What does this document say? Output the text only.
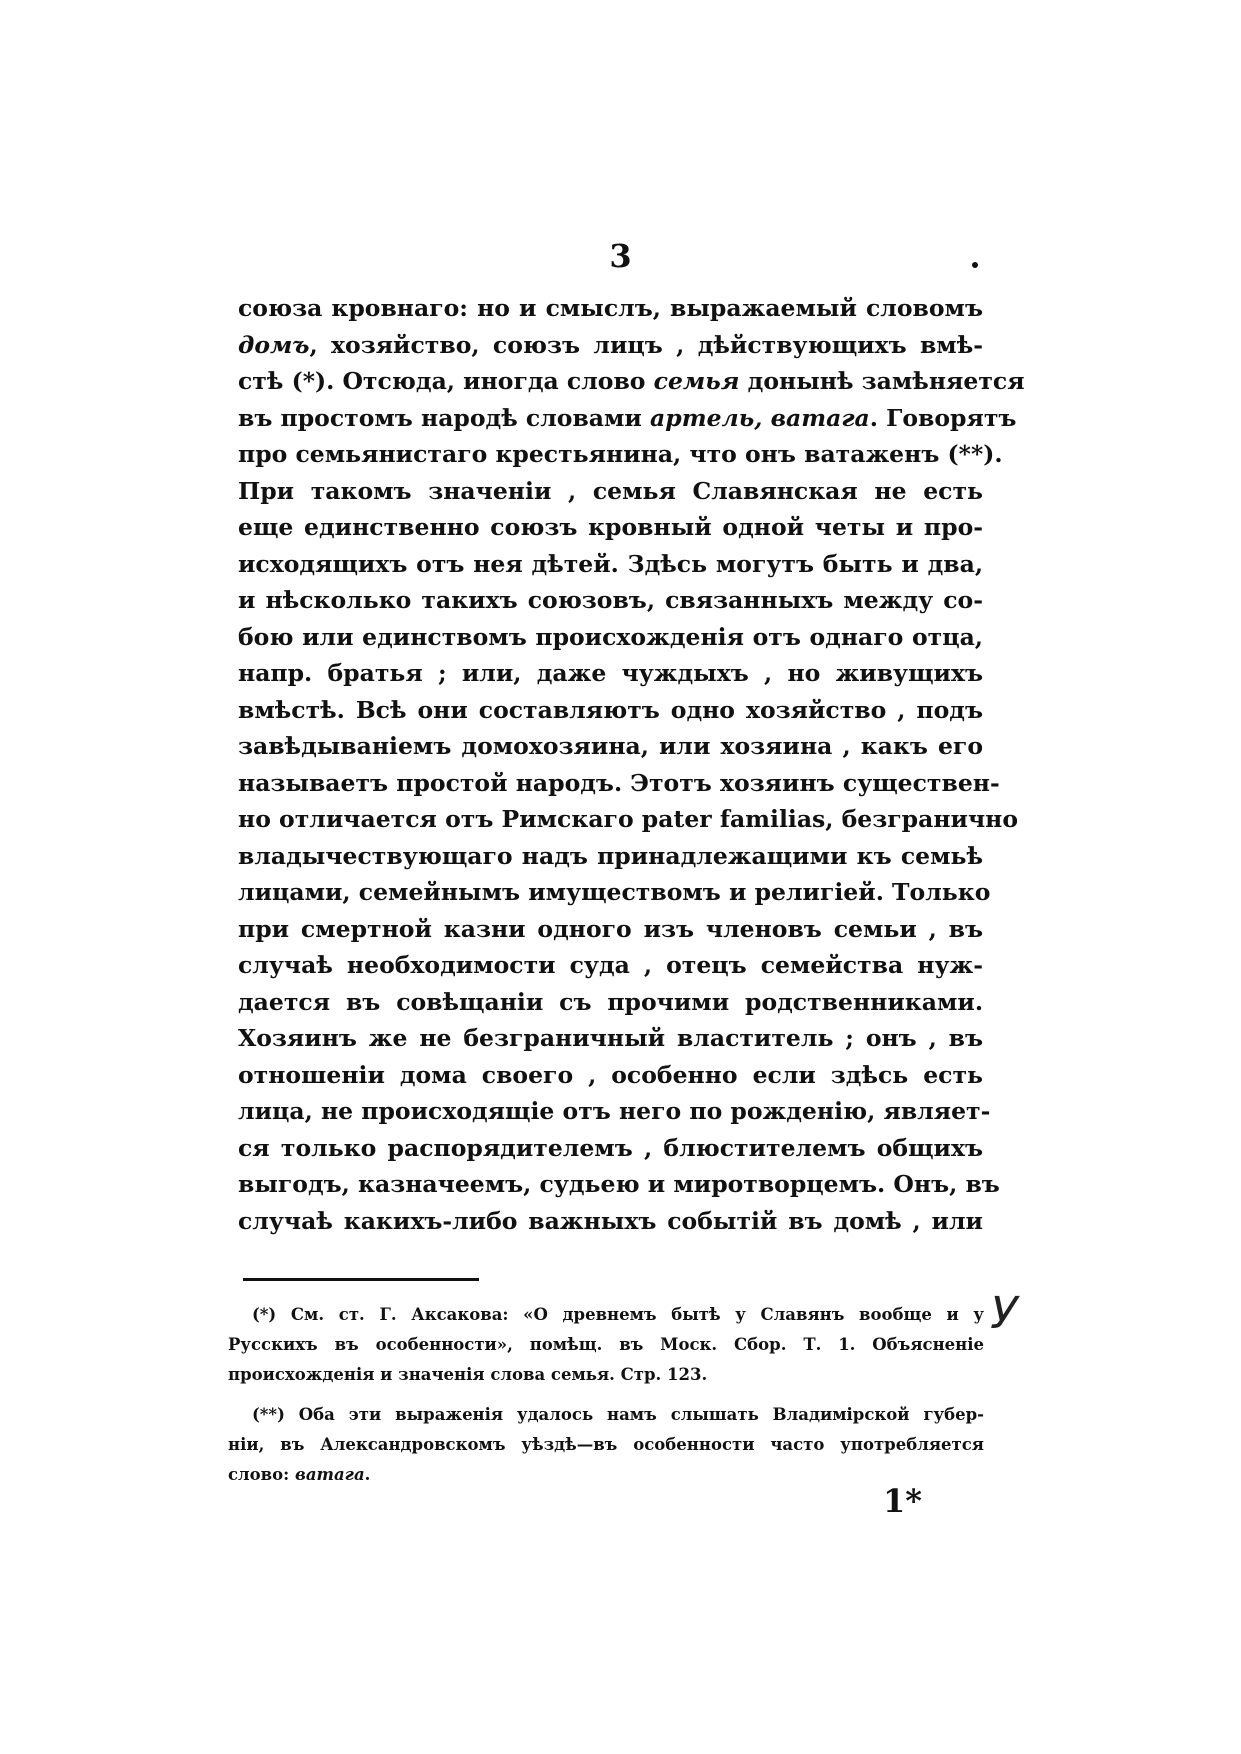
3
союза кровнаго: но и смыслъ, выражаемый словомъ
домъ, хозяйство, союзъ лицъ , дѣйствующихъ вмѣ-
стѣ (*). Отсюда, иногда слово семья донынѣ замѣняется
въ простомъ народѣ словами артель, ватага. Говорятъ
про семьянистаго крестьянина, что онъ ватаженъ (**).
При такомъ значеніи , семья Славянская не есть
еще единственно союзъ кровный одной четы и про-
исходящихъ отъ нея дѣтей. Здѣсь могутъ быть и два,
и нѣсколько такихъ союзовъ, связанныхъ между со-
бою или единствомъ происхожденія отъ однаго отца,
напр. братья ; или, даже чуждыхъ , но живущихъ
вмѣстѣ. Всѣ они составляютъ одно хозяйство , подъ
завѣдываніемъ домохозяина, или хозяина , какъ его
называетъ простой народъ. Этотъ хозяинъ существен-
но отличается отъ Римскаго pater familias, безгранично
владычествующаго надъ принадлежащими къ семьѣ
лицами, семейнымъ имуществомъ и религіей. Только
при смертной казни одного изъ членовъ семьи , въ
случаѣ необходимости суда , отецъ семейства нуж-
дается въ совѣщаніи съ прочими родственниками.
Хозяинъ же не безграничный властитель ; онъ , въ
отношеніи дома своего , особенно если здѣсь есть
лица, не происходящіе отъ него по рожденію, являет-
ся только распорядителемъ , блюстителемъ общихъ
выгодъ, казначеемъ, судьею и миротворцемъ. Онъ, въ
случаѣ какихъ-либо важныхъ событій въ домѣ , или
(*) См. ст. Г. Аксакова: «О древнемъ бытѣ у Славянъ вообще и у
Русскихъ въ особенности», помѣщ. въ Моск. Сбор. Т. 1. Объясненіе
происхожденія и значенія слова семья. Стр. 123.
(**) Оба эти выраженія удалось намъ слышать Владимірской губер-
ніи, въ Александровскомъ уѣздѣ—въ особенности часто употребляется
слово: ватага.
У
1*
